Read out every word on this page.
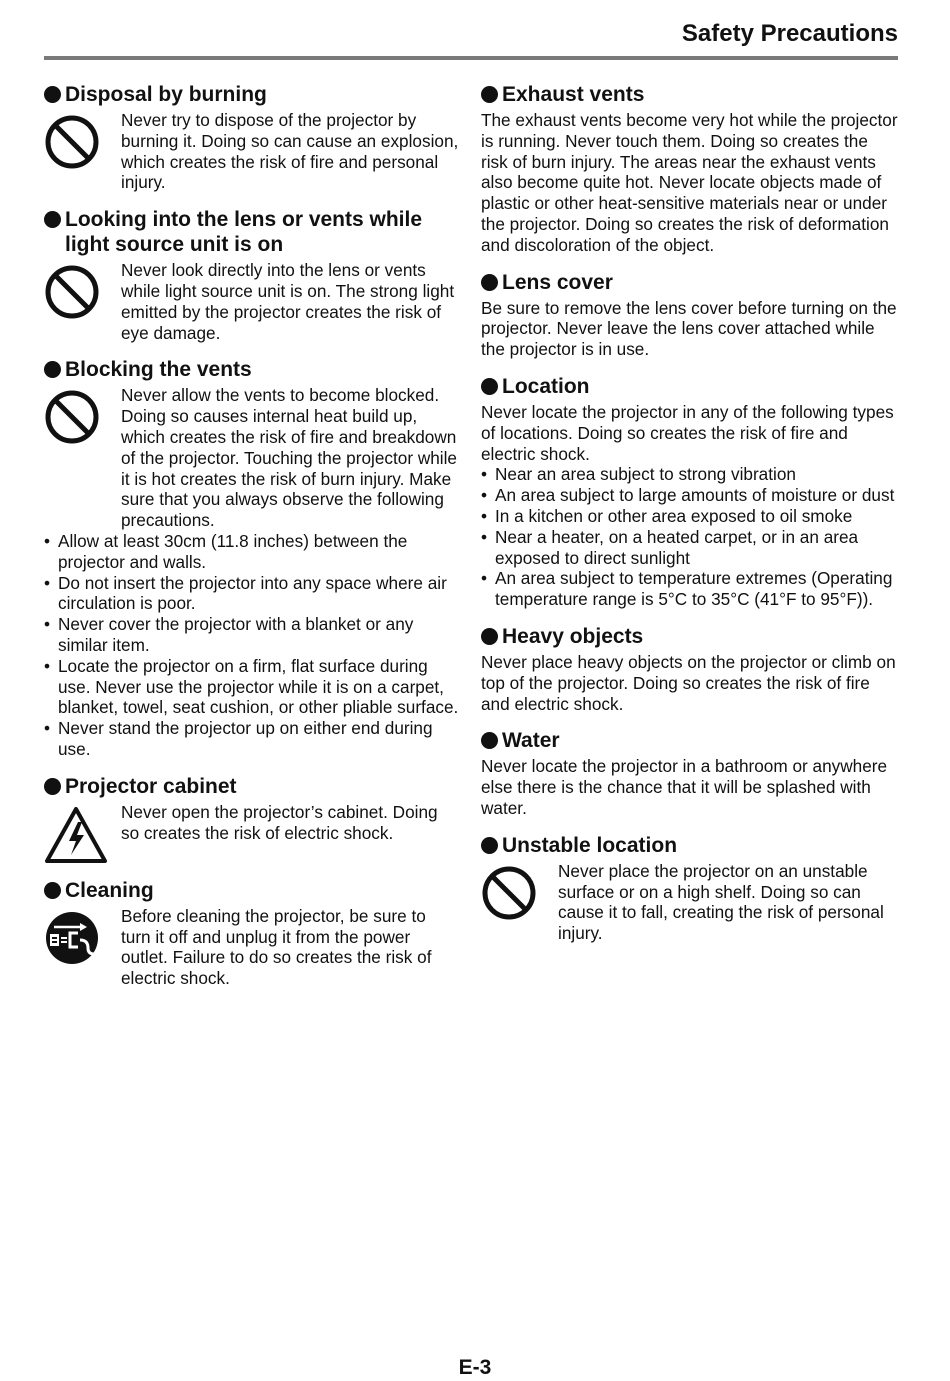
Safety Precautions
Disposal by burning
Never try to dispose of the projector by burning it. Doing so can cause an explosion, which creates the risk of fire and personal injury.
Looking into the lens or vents while
light source unit is on
Never look directly into the lens or vents while light source unit is on. The strong light emitted by the projector creates the risk of eye damage.
Blocking the vents
Never allow the vents to become blocked. Doing so causes internal heat build up, which creates the risk of fire and breakdown of the projector. Touching the projector while it is hot creates the risk of burn injury. Make sure that you always observe the following precautions.
• Allow at least 30cm (11.8 inches) between the projector and walls.
• Do not insert the projector into any space where air circulation is poor.
• Never cover the projector with a blanket or any similar item.
• Locate the projector on a firm, flat surface during use. Never use the projector while it is on a carpet, blanket, towel, seat cushion, or other pliable surface.
• Never stand the projector up on either end during use.
Projector cabinet
Never open the projector’s cabinet. Doing so creates the risk of electric shock.
Cleaning
Before cleaning the projector, be sure to turn it off and unplug it from the power outlet. Failure to do so creates the risk of electric shock.
Exhaust vents
The exhaust vents become very hot while the projector is running. Never touch them. Doing so creates the risk of burn injury. The areas near the exhaust vents also become quite hot. Never locate objects made of plastic or other heat-sensitive materials near or under the projector. Doing so creates the risk of deformation and discoloration of the object.
Lens cover
Be sure to remove the lens cover before turning on the projector. Never leave the lens cover attached while the projector is in use.
Location
Never locate the projector in any of the following types of locations. Doing so creates the risk of fire and electric shock.
• Near an area subject to strong vibration
• An area subject to large amounts of moisture or dust
• In a kitchen or other area exposed to oil smoke
• Near a heater, on a heated carpet, or in an area exposed to direct sunlight
• An area subject to temperature extremes (Operating temperature range is 5°C to 35°C (41°F to 95°F)).
Heavy objects
Never place heavy objects on the projector or climb on top of the projector. Doing so creates the risk of fire and electric shock.
Water
Never locate the projector in a bathroom or anywhere else there is the chance that it will be splashed with water.
Unstable location
Never place the projector on an unstable surface or on a high shelf. Doing so can cause it to fall, creating the risk of personal injury.
E-3
